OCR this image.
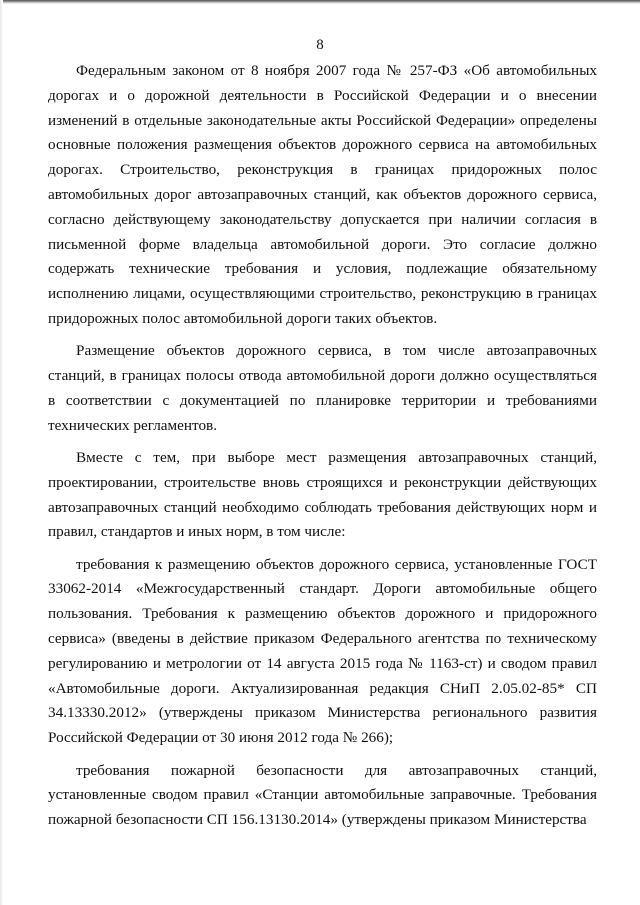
8

Федеральным законом от 8 ноября 2007 года № 257-ФЗ «Об автомобильных дорогах и о дорожной деятельности в Российской Федерации и о внесении изменений в отдельные законодательные акты Российской Федерации» определены основные положения размещения объектов дорожного сервиса на автомобильных дорогах. Строительство, реконструкция в границах придорожных полос автомобильных дорог автозаправочных станций, как объектов дорожного сервиса, согласно действующему законодательству допускается при наличии согласия в письменной форме владельца автомобильной дороги. Это согласие должно содержать технические требования и условия, подлежащие обязательному исполнению лицами, осуществляющими строительство, реконструкцию в границах придорожных полос автомобильной дороги таких объектов.

Размещение объектов дорожного сервиса, в том числе автозаправочных станций, в границах полосы отвода автомобильной дороги должно осуществляться в соответствии с документацией по планировке территории и требованиями технических регламентов.

Вместе с тем, при выборе мест размещения автозаправочных станций, проектировании, строительстве вновь строящихся и реконструкции действующих автозаправочных станций необходимо соблюдать требования действующих норм и правил, стандартов и иных норм, в том числе:

требования к размещению объектов дорожного сервиса, установленные ГОСТ 33062-2014 «Межгосударственный стандарт. Дороги автомобильные общего пользования. Требования к размещению объектов дорожного и придорожного сервиса» (введены в действие приказом Федерального агентства по техническому регулированию и метрологии от 14 августа 2015 года № 1163-ст) и сводом правил «Автомобильные дороги. Актуализированная редакция СНиП 2.05.02-85* СП 34.13330.2012» (утверждены приказом Министерства регионального развития Российской Федерации от 30 июня 2012 года № 266);

требования пожарной безопасности для автозаправочных станций, установленные сводом правил «Станции автомобильные заправочные. Требования пожарной безопасности СП 156.13130.2014» (утверждены приказом Министерства
